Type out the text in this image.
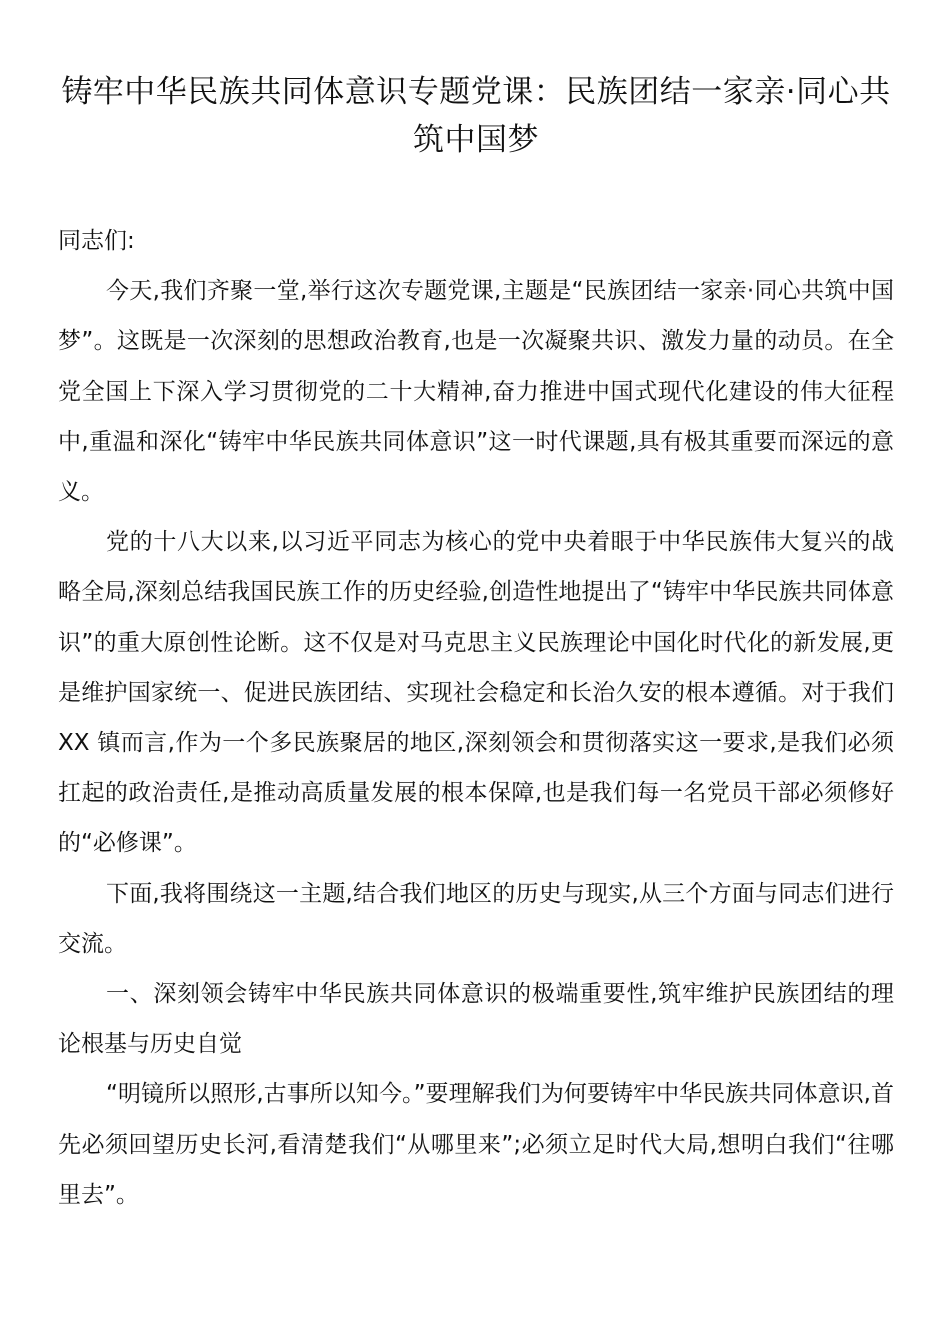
铸牢中华民族共同体意识专题党课：民族团结一家亲·同心共筑中国梦

同志们:

今天,我们齐聚一堂,举行这次专题党课,主题是“民族团结一家亲·同心共筑中国梦”。这既是一次深刻的思想政治教育,也是一次凝聚共识、激发力量的动员。在全党全国上下深入学习贯彻党的二十大精神,奋力推进中国式现代化建设的伟大征程中,重温和深化“铸牢中华民族共同体意识”这一时代课题,具有极其重要而深远的意义。

党的十八大以来,以习近平同志为核心的党中央着眼于中华民族伟大复兴的战略全局,深刻总结我国民族工作的历史经验,创造性地提出了“铸牢中华民族共同体意识”的重大原创性论断。这不仅是对马克思主义民族理论中国化时代化的新发展,更是维护国家统一、促进民族团结、实现社会稳定和长治久安的根本遵循。对于我们 XX 镇而言,作为一个多民族聚居的地区,深刻领会和贯彻落实这一要求,是我们必须扛起的政治责任,是推动高质量发展的根本保障,也是我们每一名党员干部必须修好的“必修课”。

下面,我将围绕这一主题,结合我们地区的历史与现实,从三个方面与同志们进行交流。

一、深刻领会铸牢中华民族共同体意识的极端重要性,筑牢维护民族团结的理论根基与历史自觉

“明镜所以照形,古事所以知今。”要理解我们为何要铸牢中华民族共同体意识,首先必须回望历史长河,看清楚我们“从哪里来”;必须立足时代大局,想明白我们“往哪里去”。
